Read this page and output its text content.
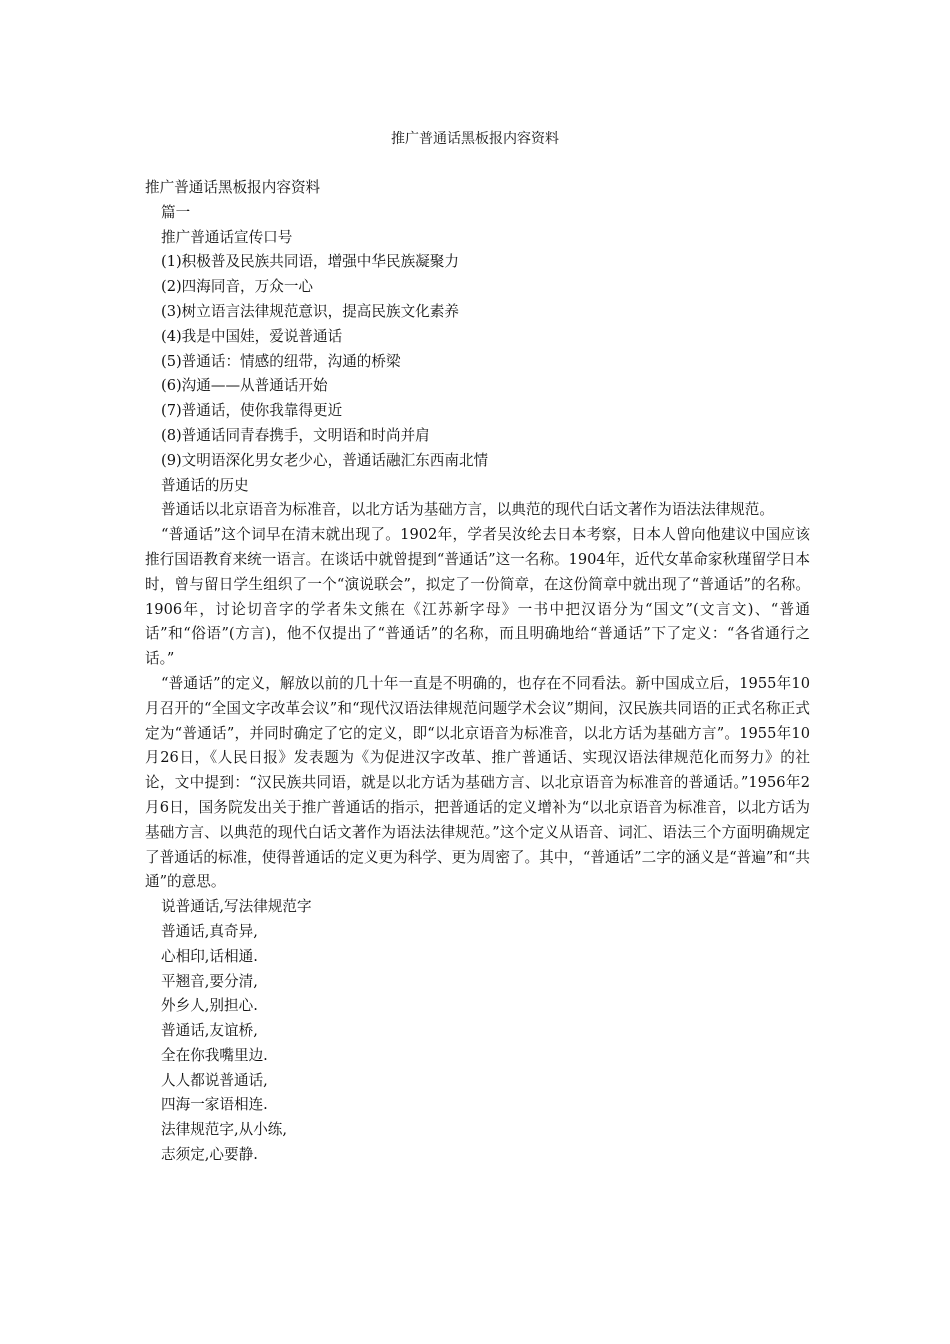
推广普通话黑板报内容资料
推广普通话黑板报内容资料
篇一
推广普通话宣传口号
(1)积极普及民族共同语，增强中华民族凝聚力
(2)四海同音，万众一心
(3)树立语言法律规范意识，提高民族文化素养
(4)我是中国娃，爱说普通话
(5)普通话：情感的纽带，沟通的桥梁
(6)沟通——从普通话开始
(7)普通话，使你我靠得更近
(8)普通话同青春携手，文明语和时尚并肩
(9)文明语深化男女老少心，普通话融汇东西南北情
普通话的历史
普通话以北京语音为标准音，以北方话为基础方言，以典范的现代白话文著作为语法法律规范。
“普通话”这个词早在清末就出现了。1902年，学者吴汝纶去日本考察，日本人曾向他建议中国应该推行国语教育来统一语言。在谈话中就曾提到“普通话”这一名称。1904年，近代女革命家秋瑾留学日本时，曾与留日学生组织了一个“演说联会”，拟定了一份简章，在这份简章中就出现了“普通话”的名称。1906年，讨论切音字的学者朱文熊在《江苏新字母》一书中把汉语分为“国文”(文言文)、“普通话”和“俗语”(方言)，他不仅提出了“普通话”的名称，而且明确地给“普通话”下了定义：“各省通行之话。”
“普通话”的定义，解放以前的几十年一直是不明确的，也存在不同看法。新中国成立后，1955年10月召开的“全国文字改革会议”和“现代汉语法律规范问题学术会议”期间，汉民族共同语的正式名称正式定为“普通话”，并同时确定了它的定义，即“以北京语音为标准音，以北方话为基础方言”。1955年10月26日，《人民日报》发表题为《为促进汉字改革、推广普通话、实现汉语法律规范化而努力》的社论，文中提到：“汉民族共同语，就是以北方话为基础方言、以北京语音为标准音的普通话。”1956年2月6日，国务院发出关于推广普通话的指示，把普通话的定义增补为“以北京语音为标准音，以北方话为基础方言、以典范的现代白话文著作为语法法律规范。”这个定义从语音、词汇、语法三个方面明确规定了普通话的标准，使得普通话的定义更为科学、更为周密了。其中，“普通话”二字的涵义是“普遍”和“共通”的意思。
说普通话,写法律规范字
普通话,真奇异,
心相印,话相通.
平翘音,要分清,
外乡人,别担心.
普通话,友谊桥,
全在你我嘴里边.
人人都说普通话,
四海一家语相连.
法律规范字,从小练,
志须定,心要静.
